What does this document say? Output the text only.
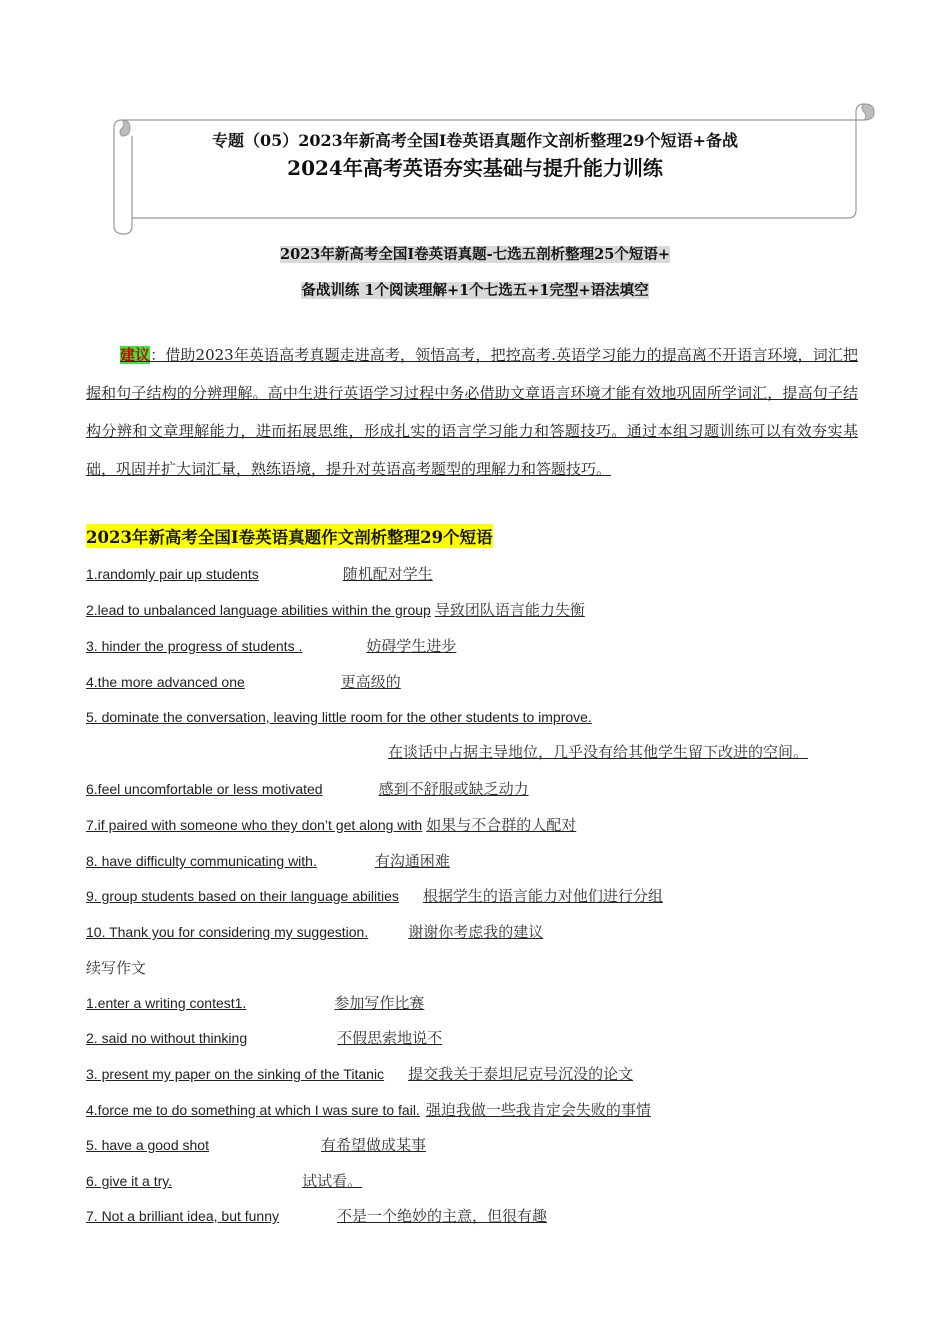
专题（05）2023年新高考全国Ⅰ卷英语真题作文剖析整理29个短语+备战
2024年高考英语夯实基础与提升能力训练
2023年新高考全国Ⅰ卷英语真题-七选五剖析整理25个短语+
备战训练 1个阅读理解+1个七选五+1完型+语法填空
建议：借助2023年英语高考真题走进高考，领悟高考，把控高考.英语学习能力的提高离不开语言环境，词汇把握和句子结构的分辨理解。高中生进行英语学习过程中务必借助文章语言环境才能有效地巩固所学词汇，提高句子结构分辨和文章理解能力，进而拓展思维，形成扎实的语言学习能力和答题技巧。通过本组习题训练可以有效夯实基础，巩固并扩大词汇量，熟练语境，提升对英语高考题型的理解力和答题技巧。
2023年新高考全国Ⅰ卷英语真题作文剖析整理29个短语
1.randomly pair up students	随机配对学生
2.lead to unbalanced language abilities within the group 导致团队语言能力失衡
3. hinder the progress of students .	妨碍学生进步
4.the more advanced one	更高级的
5. dominate the conversation, leaving little room for the other students to improve.
在谈话中占据主导地位，几乎没有给其他学生留下改进的空间。
6.feel uncomfortable or less motivated	感到不舒服或缺乏动力
7.if paired with someone who they don’t get along with 如果与不合群的人配对
8. have difficulty communicating with.	有沟通困难
9. group students based on their language abilities 根据学生的语言能力对他们进行分组
10. Thank you for considering my suggestion.	谢谢你考虑我的建议
续写作文
1.enter a writing contest1.	参加写作比赛
2. said no without thinking	不假思索地说不
3. present my paper on the sinking of the Titanic 提交我关于泰坦尼克号沉没的论文
4.force me to do something at which I was sure to fail. 强迫我做一些我肯定会失败的事情
5. have a good shot	有希望做成某事
6. give it a try.	试试看。
7. Not a brilliant idea, but funny	不是一个绝妙的主意，但很有趣
